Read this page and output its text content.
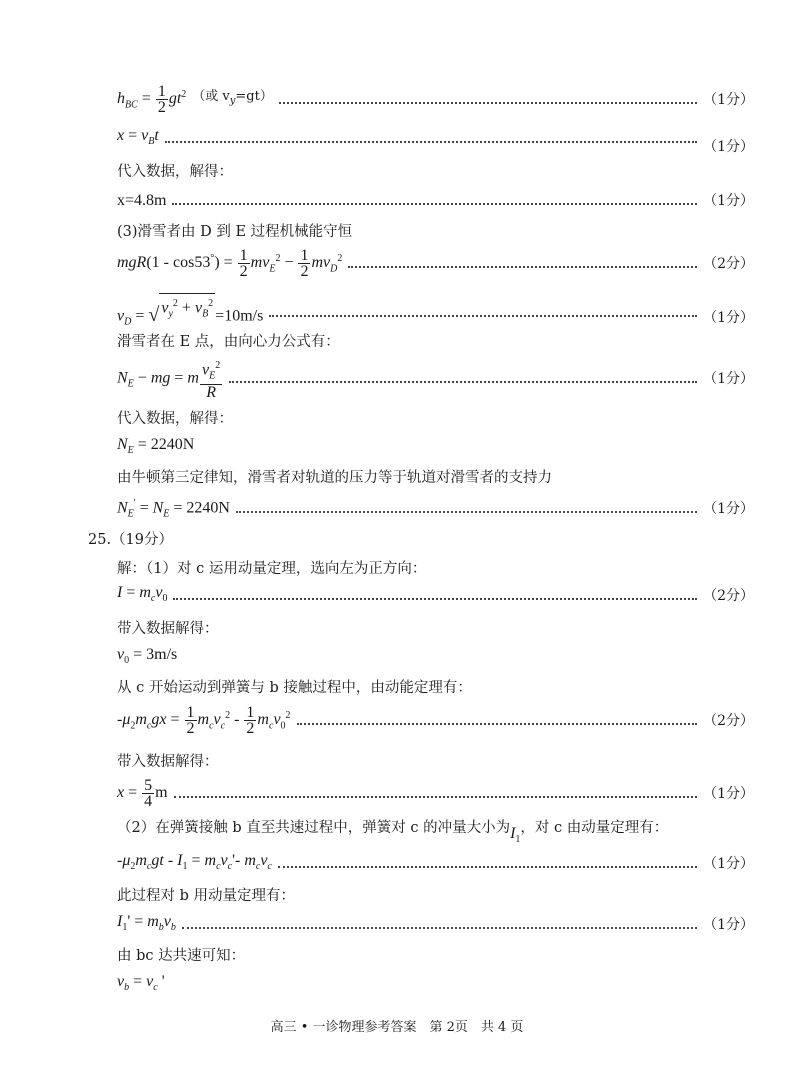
$h_{BC} = \frac{1}{2} gt^2$ （或 $v_y=gt$）	（1分）
$x = v_Bt$
（1分）
代入数据，解得：
x=4.8m	（1分）
(3)滑雪者由 D 到 E 过程机械能守恒
$mgR(1 - \cos 53^\circ) = \frac{1}{2} mv_E^2 - \frac{1}{2} mv_D^2$	（2分）
$v_D$ = √ $v_y^2 + v_B^2$
=10m/s	（1分）
滑雪者在 E 点，由向心力公式有：
$N_E$ − mg = m $\frac{v_E^2}{R}$	（1分）
代入数据，解得：
$N_E = 2240N$
由牛顿第三定律知，滑雪者对轨道的压力等于轨道对滑雪者的支持力
$N_E' = N_E = 2240N$	（1分）
25.（19分）
解：（1）对 c 运用动量定理，选向左为正方向：
$I = m_cv_0$	（2分）
带入数据解得：
$v_0 = 3m/s$
从 c 开始运动到弹簧与 b 接触过程中，由动能定理有：
$-\mu_2m_cgx = \frac{1}{2} m_cv_c^2 - \frac{1}{2} m_cv_0^2$	（2分）
带入数据解得：
$x = \frac{5}{4}$ m	（1分）
（2）在弹簧接触 b 直至共速过程中，弹簧对 c 的冲量大小为$I_1$，对 c 由动量定理有：
$-\mu_2m_cgt - I_1 = m_cv_c'-$ $m_cv_c$	（1分）
此过程对 b 用动量定理有：
$I_1' = m_bv_b$	（1分）
由 bc 达共速可知：
$v_b = v_c$ '
高三 • 一诊物理参考答案　第 2页　共 4 页
